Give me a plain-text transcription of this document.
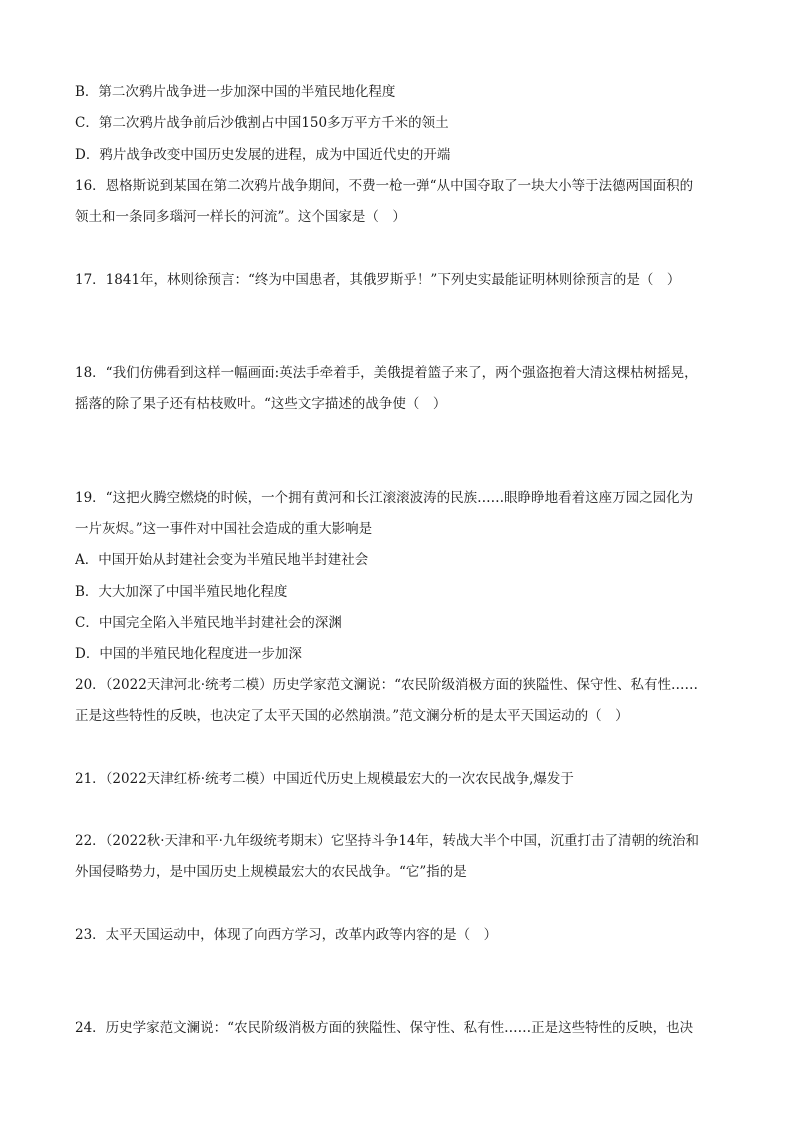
B．第二次鸦片战争进一步加深中国的半殖民地化程度
C．第二次鸦片战争前后沙俄割占中国150多万平方千米的领土
D．鸦片战争改变中国历史发展的进程，成为中国近代史的开端
16．恩格斯说到某国在第二次鸦片战争期间，不费一枪一弹“从中国夺取了一块大小等于法德两国面积的
领土和一条同多瑙河一样长的河流”。这个国家是（　）
17．1841年，林则徐预言：“终为中国患者，其俄罗斯乎！”下列史实最能证明林则徐预言的是（　）
18．“我们仿佛看到这样一幅画面:英法手牵着手，美俄提着篮子来了，两个强盗抱着大清这棵枯树摇晃，
摇落的除了果子还有枯枝败叶。“这些文字描述的战争使（　）
19．“这把火腾空燃烧的时候，一个拥有黄河和长江滚滚波涛的民族……眼睁睁地看着这座万园之园化为
一片灰烬。”这一事件对中国社会造成的重大影响是
A．中国开始从封建社会变为半殖民地半封建社会
B．大大加深了中国半殖民地化程度
C．中国完全陷入半殖民地半封建社会的深渊
D．中国的半殖民地化程度进一步加深
20．（2022天津河北·统考二模）历史学家范文澜说：“农民阶级消极方面的狭隘性、保守性、私有性……
正是这些特性的反映，也决定了太平天国的必然崩溃。”范文澜分析的是太平天国运动的（　）
21．（2022天津红桥·统考二模）中国近代历史上规模最宏大的一次农民战争,爆发于
22．（2022秋·天津和平·九年级统考期末）它坚持斗争14年，转战大半个中国，沉重打击了清朝的统治和
外国侵略势力，是中国历史上规模最宏大的农民战争。“它”指的是
23．太平天国运动中，体现了向西方学习，改革内政等内容的是（　）
24．历史学家范文澜说：“农民阶级消极方面的狭隘性、保守性、私有性……正是这些特性的反映，也决
